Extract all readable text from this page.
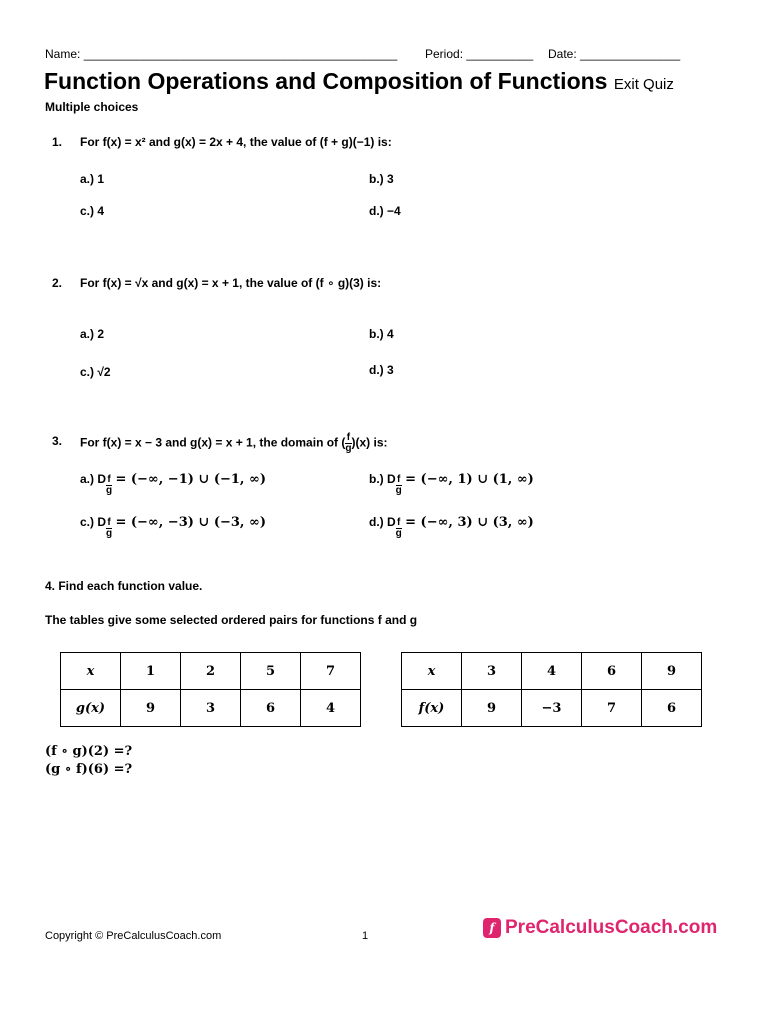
Name: _______________________________________________ Period: __________ Date: _______________
Function Operations and Composition of Functions Exit Quiz
Multiple choices
1. For f(x) = x² and g(x) = 2x + 4, the value of (f + g)(−1) is:
a.) 1	b.) 3
c.) 4	d.) −4
2. For f(x) = √x and g(x) = x + 1, the value of (f ∘ g)(3) is:
a.) 2	b.) 4
c.) √2	d.) 3
3. For f(x) = x − 3 and g(x) = x + 1, the domain of ( $\frac{f}{g} )(x)$ is:
a.) D $\frac{f}{g}$ = (−∞, −1) ∪ (−1, ∞)	b.) D $\frac{f}{g}$ = (−∞, 1) ∪ (1, ∞)
c.) D $\frac{f}{g}$ = (−∞, −3) ∪ (−3, ∞)	d.) D $\frac{f}{g}$ = (−∞, 3) ∪ (3, ∞)
4. Find each function value.
The tables give some selected ordered pairs for functions f and g
x	1	2	5	7
g(x)	9	3	6	4
x	3	4	6	9
f(x)	9	−3	7	6
(f ∘ g)(2) =?
(g ∘ f)(6) =?
Copyright © PreCalculusCoach.com	1
f PreCalculusCoach.com
